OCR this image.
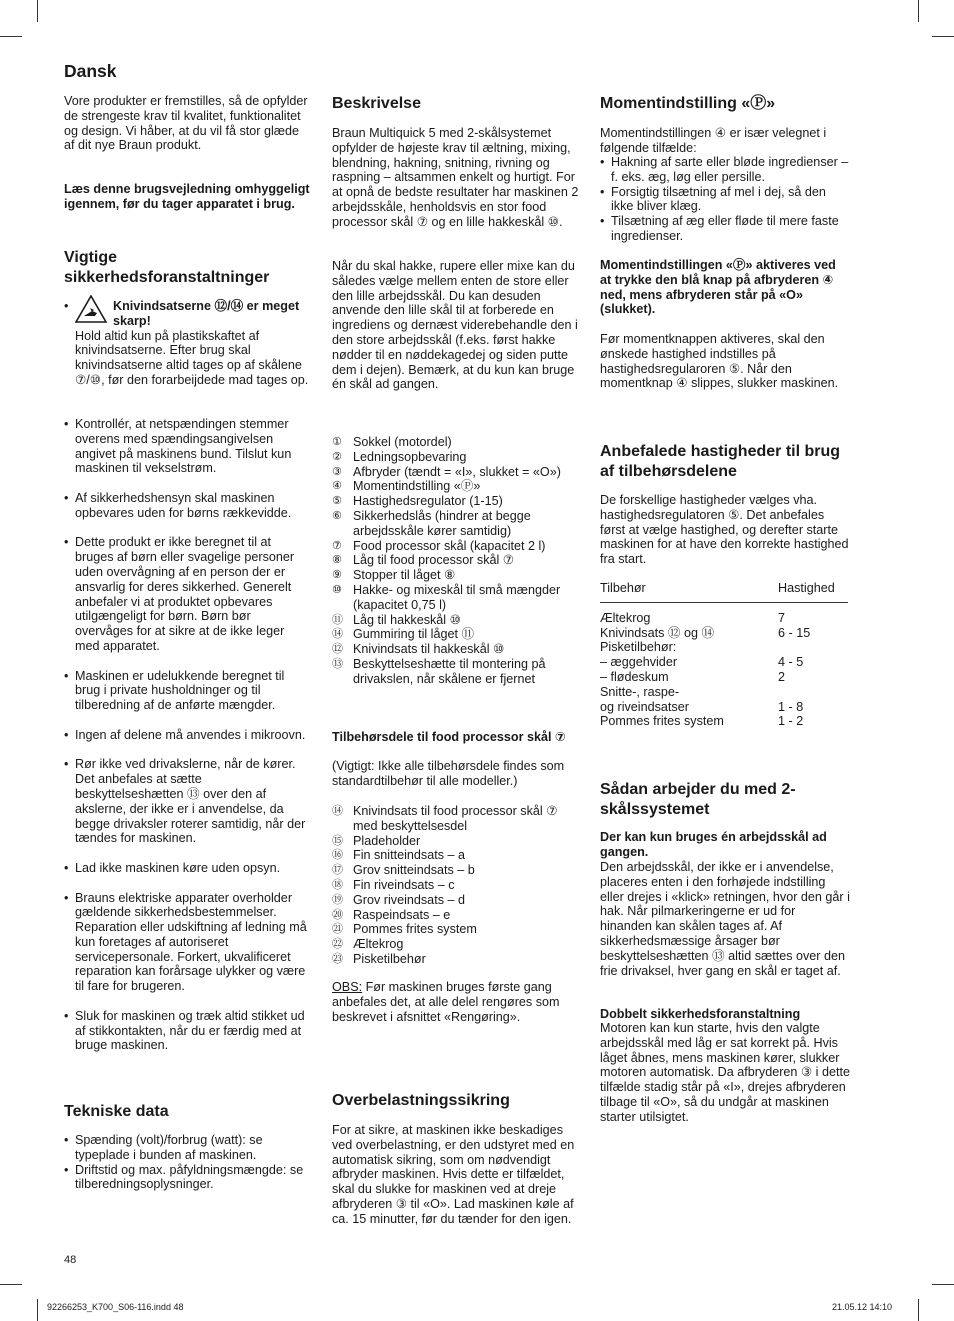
Dansk

Vore produkter er fremstilles, så de opfylder de strengeste krav til kvalitet, funktionalitet og design. Vi håber, at du vil få stor glæde af dit nye Braun produkt.

Læs denne brugsvejledning omhyggeligt igennem, før du tager apparatet i brug.

Vigtige sikkerhedsforanstaltninger
•	Knivindsatserne ⑫/⑭ er meget skarp!

Hold altid kun på plastikskaftet af knivindsatserne. Efter brug skal knivindsatserne altid tages op af skålene ⑦/⑩, før den forarbeijdede mad tages op.

• Kontrollér, at netspændingen stemmer overens med spændingsangivelsen angivet på maskinens bund. Tilslut kun maskinen til vekselstrøm.
• Af sikkerhedshensyn skal maskinen opbevares uden for børns rækkevidde.
• Dette produkt er ikke beregnet til at bruges af børn eller svagelige personer uden overvågning af en person der er ansvarlig for deres sikkerhed. Generelt anbefaler vi at produktet opbevares utilgængeligt for børn. Børn bør overvåges for at sikre at de ikke leger med apparatet.
• Maskinen er udelukkende beregnet til brug i private husholdninger og til tilberedning af de anførte mængder.
• Ingen af delene må anvendes i mikroovn.
• Rør ikke ved drivakslerne, når de kører. Det anbefales at sætte beskyttelseshætten ⑬ over den af akslerne, der ikke er i anvendelse, da begge drivaksler roterer samtidig, når der tændes for maskinen.
• Lad ikke maskinen køre uden opsyn.
• Brauns elektriske apparater overholder gældende sikkerhedsbestemmelser. Reparation eller udskiftning af ledning må kun foretages af autoriseret servicepersonale. Forkert, ukvalificeret reparation kan forårsage ulykker og være til fare for brugeren.
• Sluk for maskinen og træk altid stikket ud af stikkontakten, når du er færdig med at bruge maskinen.
Tekniske data
• Spænding (volt)/forbrug (watt): se typeplade i bunden af maskinen.
• Driftstid og max. påfyldningsmængde: se tilberedningsoplysninger.
Beskrivelse

Braun Multiquick 5 med 2-skålsystemet opfylder de højeste krav til æltning, mixing, blendning, hakning, snitning, rivning og raspning – altsammen enkelt og hurtigt. For at opnå de bedste resultater har maskinen 2 arbejdsskåle, henholdsvis en stor food processor skål ⑦ og en lille hakkeskål ⑩.

Når du skal hakke, rupere eller mixe kan du således vælge mellem enten de store eller den lille arbejdsskål. Du kan desuden anvende den lille skål til at forberede en ingrediens og dernæst viderebehandle den i den store arbejdsskål (f.eks. først hakke nødder til en nøddekagedej og siden putte dem i dejen). Bemærk, at du kun kan bruge én skål ad gangen.

① Sokkel (motordel)
② Ledningsopbevaring
③ Afbryder (tændt = «I», slukket = «O»)
④ Momentindstilling «Ⓟ»
⑤ Hastighedsregulator (1-15)
⑥ Sikkerhedslås (hindrer at begge arbejdsskåle kører samtidig)
⑦ Food processor skål (kapacitet 2 l)
⑧ Låg til food processor skål ⑦
⑨ Stopper til låget ⑧
⑩ Hakke- og mixeskål til små mængder (kapacitet 0,75 l)
⑪ Låg til hakkeskål ⑩
⑭ Gummiring til låget ⑪
⑫ Knivindsats til hakkeskål ⑩
⑬ Beskyttelseshætte til montering på drivakslen, når skålene er fjernet

Tilbehørsdele til food processor skål ⑦

(Vigtigt: Ikke alle tilbehørsdele findes som standardtilbehør til alle modeller.)

⑭ Knivindsats til food processor skål ⑦ med beskyttelsesdel
⑮ Pladeholder
⑯ Fin snitteindsats – a
⑰ Grov snitteindsats – b
⑱ Fin riveindsats – c
⑲ Grov riveindsats – d
⑳ Raspeindsats – e
㉑ Pommes frites system
㉒ Æltekrog
㉓ Pisketilbehør

OBS: Før maskinen bruges første gang anbefales det, at alle delel rengøres som beskrevet i afsnittet «Rengøring».

Overbelastningssikring

For at sikre, at maskinen ikke beskadiges ved overbelastning, er den udstyret med en automatisk sikring, som om nødvendigt afbryder maskinen. Hvis dette er tilfældet, skal du slukke for maskinen ved at dreje afbryderen ③ til «O». Lad maskinen køle af ca. 15 minutter, før du tænder for den igen.

Momentindstilling «Ⓟ»

Momentindstillingen ④ er især velegnet i følgende tilfælde:

• Hakning af sarte eller bløde ingredienser – f. eks. æg, løg eller persille.
• Forsigtig tilsætning af mel i dej, så den ikke bliver klæg.
• Tilsætning af æg eller fløde til mere faste ingredienser.

Momentindstillingen «Ⓟ» aktiveres ved at trykke den blå knap på afbryderen ④ ned, mens afbryderen står på «O» (slukket).

Før momentknappen aktiveres, skal den ønskede hastighed indstilles på hastighedsregularoren ⑤. Når den momentknap ④ slippes, slukker maskinen.

Anbefalede hastigheder til brug af tilbehørsdelene

De forskellige hastigheder vælges vha. hastighedsregulatoren ⑤. Det anbefales først at vælge hastighed, og derefter starte maskinen for at have den korrekte hastighed fra start.

Tilbehør	Hastighed

Æltekrog	7
Knivindsats ⑫ og ⑭	6 - 15
Pisketilbehør:	
– æggehvider	4 - 5
– flødeskum	2
Snitte-, raspe-	
og riveindsatser	1 - 8
Pommes frites system	1 - 2
Sådan arbejder du med 2-skålssystemet

Der kan kun bruges én arbejdsskål ad gangen.

Den arbejdsskål, der ikke er i anvendelse, placeres enten i den forhøjede indstilling eller drejes i «klick» retningen, hvor den går i hak. Når pilmarkeringerne er ud for hinanden kan skålen tages af. Af sikkerhedsmæssige årsager bør beskyttelseshætten ⑬ altid sættes over den frie drivaksel, hver gang en skål er taget af.

Dobbelt sikkerhedsforanstaltning

Motoren kan kun starte, hvis den valgte arbejdsskål med låg er sat korrekt på. Hvis låget åbnes, mens maskinen kører, slukker motoren automatisk. Da afbryderen ③ i dette tilfælde stadig står på «I», drejes afbryderen tilbage til «O», så du undgår at maskinen starter utilsigtet.

48
92266253_K700_S06-116.indd 48	21.05.12 14:10
